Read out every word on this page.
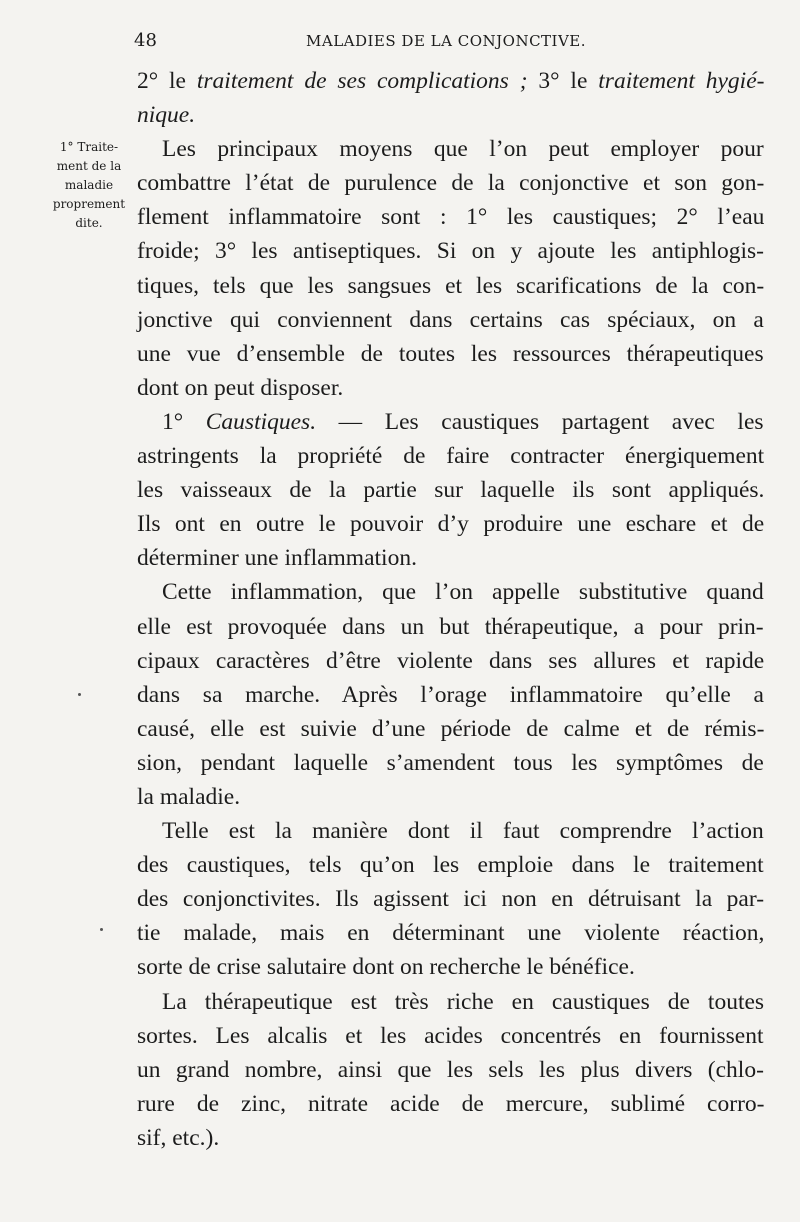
48	MALADIES DE LA CONJONCTIVE.
1° Traite-
ment de la
maladie
proprement
dite.
2° le traitement de ses complications ; 3° le traitement hygié-
nique.
Les principaux moyens que l’on peut employer pour
combattre l’état de purulence de la conjonctive et son gon-
flement inflammatoire sont : 1° les caustiques; 2° l’eau
froide; 3° les antiseptiques. Si on y ajoute les antiphlogis-
tiques, tels que les sangsues et les scarifications de la con-
jonctive qui conviennent dans certains cas spéciaux, on a
une vue d’ensemble de toutes les ressources thérapeutiques
dont on peut disposer.
1° Caustiques. — Les caustiques partagent avec les
astringents la propriété de faire contracter énergiquement
les vaisseaux de la partie sur laquelle ils sont appliqués.
Ils ont en outre le pouvoir d’y produire une eschare et de
déterminer une inflammation.
Cette inflammation, que l’on appelle substitutive quand
elle est provoquée dans un but thérapeutique, a pour prin-
cipaux caractères d’être violente dans ses allures et rapide
dans sa marche. Après l’orage inflammatoire qu’elle a
causé, elle est suivie d’une période de calme et de rémis-
sion, pendant laquelle s’amendent tous les symptômes de
la maladie.
Telle est la manière dont il faut comprendre l’action
des caustiques, tels qu’on les emploie dans le traitement
des conjonctivites. Ils agissent ici non en détruisant la par-
tie malade, mais en déterminant une violente réaction,
sorte de crise salutaire dont on recherche le bénéfice.
La thérapeutique est très riche en caustiques de toutes
sortes. Les alcalis et les acides concentrés en fournissent
un grand nombre, ainsi que les sels les plus divers (chlo-
rure de zinc, nitrate acide de mercure, sublimé corro-
sif, etc.).
